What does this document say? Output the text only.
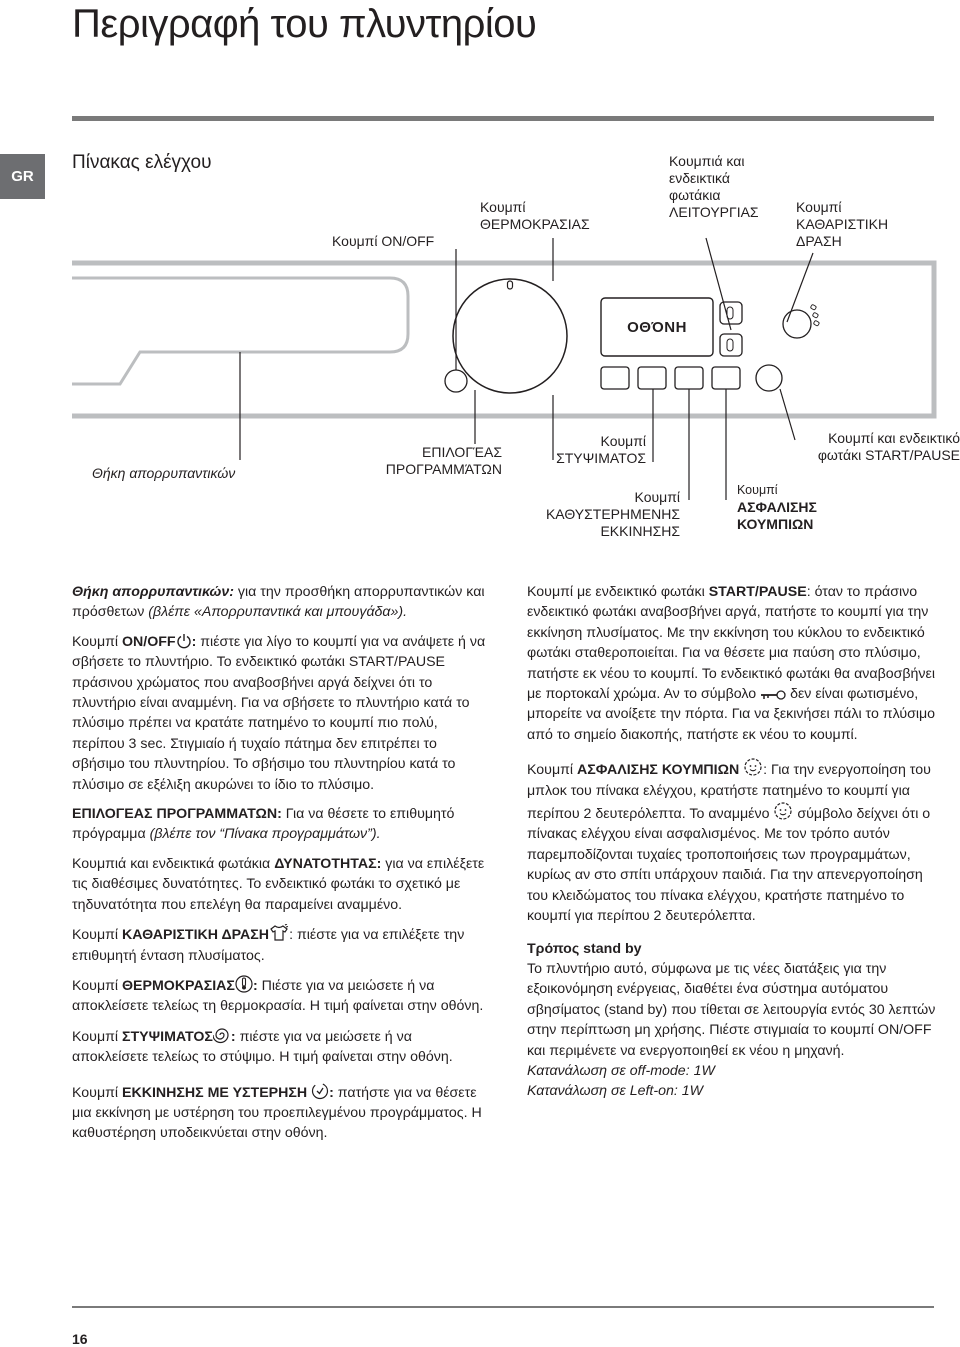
Περιγραφή του πλυντηρίου
GR
Πίνακας ελέγχου
Κουμπί ON/OFF
Κουμπί
ΘΕΡΜΟΚΡΑΣΙΑΣ
Κουμπιά και
ενδεικτικά
φωτάκια
ΛΕΙΤΟΥΡΓΙΑΣ	Κουμπί
ΚΑΘΑΡΙΣΤΙΚΗ
ΔΡΑΣΗ
ΟΘΌΝΗ
Θήκη απορρυπαντικών
ΕΠΙΛΟΓΈΑΣ
ΠΡΟΓΡΑΜΜΆΤΩΝ
Κουμπί
ΣΤΥΨΙΜΑΤΟΣ
Κουμπί
ΚΑΘΥΣΤΕΡΗΜΕΝΗΣ
ΕΚΚΙΝΗΣΗΣ
Κουμπί
ΑΣΦΑΛΙΣΗΣ
ΚΟΥΜΠΙΩΝ
Κουμπί και ενδεικτικό
φωτάκι START/PAUSE

Θήκη απορρυπαντικών: για την προσθήκη απορρυπαντικών και πρόσθετων (βλέπε «Απορρυπαντικά και μπουγάδα»).

Κουμπί ON/OFF : πιέστε για λίγο το κουμπί για να ανάψετε ή να σβήσετε το πλυντήριο. Το ενδεικτικό φωτάκι START/PAUSE πράσινου χρώματος που αναβοσβήνει αργά δείχνει ότι το πλυντήριο είναι αναμμένη. Για να σβήσετε το πλυντήριο κατά το πλύσιμο πρέπει να κρατάτε πατημένο το κουμπί πιο πολύ, περίπου 3 sec. Στιγμιαίο ή τυχαίο πάτημα δεν επιτρέπει το σβήσιμο του πλυντηρίου. Το σβήσιμο του πλυντηρίου κατά το πλύσιμο σε εξέλιξη ακυρώνει το ίδιο το πλύσιμο.

ΕΠΙΛΟΓΕΑΣ ΠΡΟΓΡΑΜΜΑΤΩΝ: Για να θέσετε το επιθυμητό πρόγραμμα (βλέπε τον “Πίνακα προγραμμάτων”).

Κουμπιά και ενδεικτικά φωτάκια ΔΥΝΑΤΟΤΗΤΑΣ: για να επιλέξετε τις διαθέσιμες δυνατότητες. Το ενδεικτικό φωτάκι το σχετικό με τηδυνατότητα που επελέγη θα παραμείνει αναμμένο.

Κουμπί ΚΑΘΑΡΙΣΤΙΚΗ ΔΡΑΣΗ : πιέστε για να επιλέξετε την επιθυμητή ένταση πλυσίματος.

Κουμπί ΘΕΡΜΟΚΡΑΣΙΑΣ : Πιέστε για να μειώσετε ή να αποκλείσετε τελείως τη θερμοκρασία. Η τιμή φαίνεται στην οθόνη.

Κουμπί ΣΤΥΨΙΜΑΤΟΣ : πιέστε για να μειώσετε ή να αποκλείσετε τελείως το στύψιμο. Η τιμή φαίνεται στην οθόνη.

Κουμπί ΕΚΚΙΝΗΣΗΣ ΜΕ ΥΣΤΕΡΗΣΗ : πατήστε για να θέσετε μια εκκίνηση με υστέρηση του προεπιλεγμένου προγράμματος. Η καθυστέρηση υποδεικνύεται στην οθόνη.

Κουμπί με ενδεικτικό φωτάκι START/PAUSE: όταν το πράσινο ενδεικτικό φωτάκι αναβοσβήνει αργά, πατήστε το κουμπί για την εκκίνηση πλυσίματος. Με την εκκίνηση του κύκλου το ενδεικτικό φωτάκι σταθεροποιείται. Για να θέσετε μια παύση στο πλύσιμο, πατήστε εκ νέου το κουμπί. Το ενδεικτικό φωτάκι θα αναβοσβήνει με πορτοκαλί χρώμα. Αν το σύμβολο  δεν είναι φωτισμένο, μπορείτε να ανοίξετε την πόρτα. Για να ξεκινήσει πάλι το πλύσιμο από το σημείο διακοπής, πατήστε εκ νέου το κουμπί.

Κουμπί ΑΣΦΑΛΙΣΗΣ ΚΟΥΜΠΙΩΝ : Για την ενεργοποίηση του μπλοκ του πίνακα ελέγχου, κρατήστε πατημένο το κουμπί για περίπου 2 δευτερόλεπτα. Το αναμμένο  σύμβολο δείχνει ότι ο πίνακας ελέγχου είναι ασφαλισμένος. Με τον τρόπο αυτόν παρεμποδίζονται τυχαίες τροποποιήσεις των προγραμμάτων, κυρίως αν στο σπίτι υπάρχουν παιδιά. Για την απενεργοποίηση του κλειδώματος του πίνακα ελέγχου, κρατήστε πατημένο το κουμπί για περίπου 2 δευτερόλεπτα.

Τρόπος stand by
Το πλυντήριο αυτό, σύμφωνα με τις νέες διατάξεις για την εξοικονόμηση ενέργειας, διαθέτει ένα σύστημα αυτόματου σβησίματος (stand by) που τίθεται σε λειτουργία εντός 30 λεπτών στην περίπτωση μη χρήσης. Πιέστε στιγμιαία το κουμπί ON/OFF και περιμένετε να ενεργοποιηθεί εκ νέου η μηχανή.
Κατανάλωση σε off-mode: 1W
Κατανάλωση σε Left-on: 1W

16
